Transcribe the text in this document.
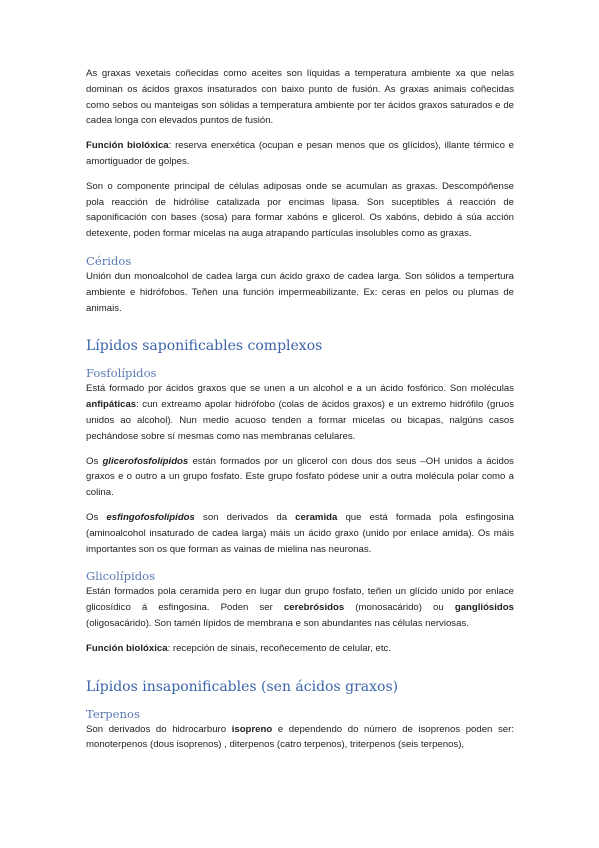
As graxas vexetais coñecidas como aceites son líquidas a temperatura ambiente xa que nelas dominan os ácidos graxos insaturados con baixo punto de fusión. As graxas animais coñecidas como sebos ou manteigas son sólidas a temperatura ambiente por ter ácidos graxos saturados e de cadea longa con elevados puntos de fusión.

Función biolóxica: reserva enerxética (ocupan e pesan menos que os glícidos), illante térmico e amortiguador de golpes.

Son o componente principal de células adiposas onde se acumulan as graxas. Descompóñense pola reacción de hidrólise catalizada por encimas lipasa. Son suceptibles á reacción de saponificación con bases (sosa) para formar xabóns e glicerol. Os xabóns, debido á súa acción detexente, poden formar micelas na auga atrapando partículas insolubles como as graxas.

Céridos

Unión dun monoalcohol de cadea larga cun ácido graxo de cadea larga. Son sólidos a tempertura ambiente e hidrófobos. Teñen una función impermeabilizante. Ex: ceras en pelos ou plumas de animais.

Lípidos saponificables complexos
Fosfolípidos

Está formado por ácidos graxos que se unen a un alcohol e a un ácido fosfórico. Son moléculas anfipáticas: cun extreamo apolar hidrófobo (colas de ácidos graxos) e un extremo hidrófilo (gruos unidos ao alcohol). Nun medio acuoso tenden a formar micelas ou bicapas, nalgúns casos pechándose sobre sí mesmas como nas membranas celulares.

Os glicerofosfolípidos están formados por un glicerol con dous dos seus –OH unidos a ácidos graxos e o outro a un grupo fosfato. Este grupo fosfato pódese unir a outra molécula polar como a colina.

Os esfingofosfolípidos son derivados da ceramida que está formada pola esfingosina (aminoalcohol insaturado de cadea larga) máis un ácido graxo (unido por enlace amida). Os máis importantes son os que forman as vainas de mielina nas neuronas.

Glicolípidos

Están formados pola ceramida pero en lugar dun grupo fosfato, teñen un glícido unido por enlace glicosídico á esfingosina. Poden ser cerebrósidos (monosacárido) ou gangliósidos (oligosacárido). Son tamén lípidos de membrana e son abundantes nas células nerviosas.

Función biolóxica: recepción de sinais, recoñecemento de celular, etc.

Lípidos insaponificables (sen ácidos graxos)
Terpenos

Son derivados do hidrocarburo isopreno e dependendo do número de isoprenos poden ser: monoterpenos (dous isoprenos) , diterpenos (catro terpenos), triterpenos (seis terpenos),
